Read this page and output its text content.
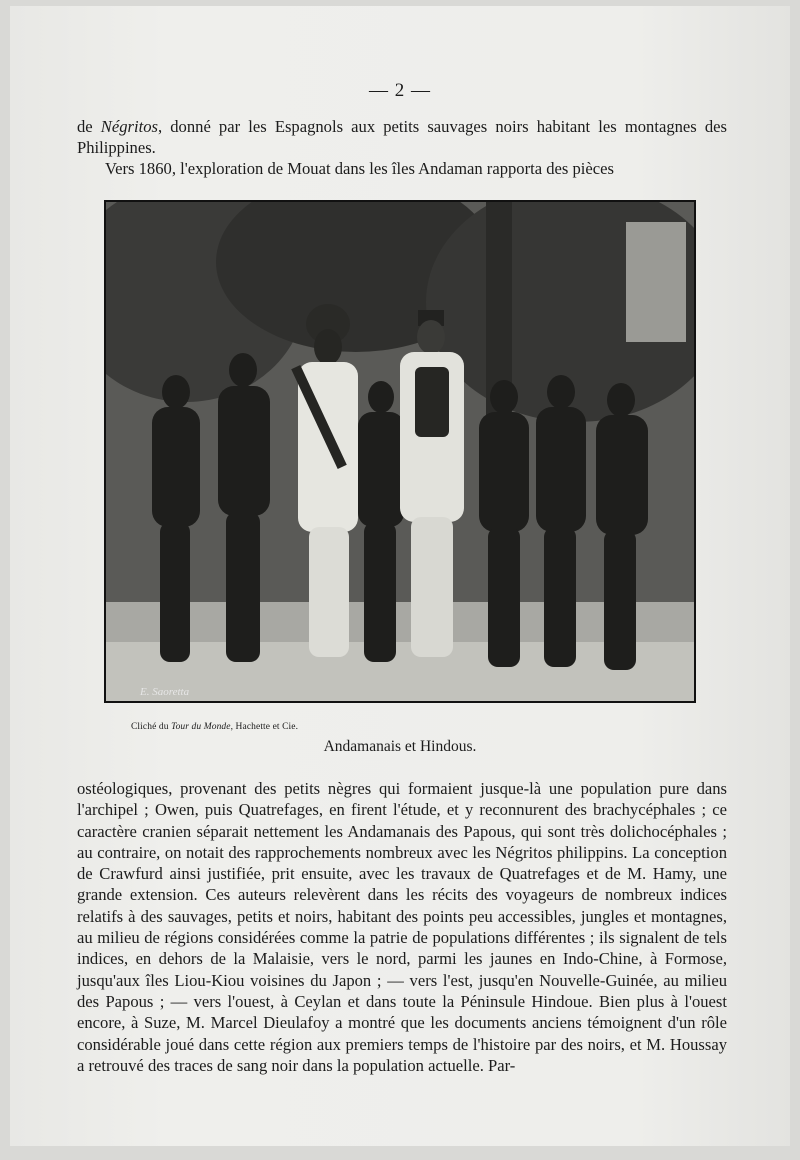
— 2 —

de Négritos, donné par les Espagnols aux petits sauvages noirs habitant les montagnes des Philippines.

Vers 1860, l'exploration de Mouat dans les îles Andaman rapporta des pièces

E. Saoretta
Cliché du Tour du Monde, Hachette et Cie.
Andamanais et Hindous.

ostéologiques, provenant des petits nègres qui formaient jusque-là une population pure dans l'archipel ; Owen, puis Quatrefages, en firent l'étude, et y reconnurent des brachycéphales ; ce caractère cranien séparait nettement les Andamanais des Papous, qui sont très dolichocéphales ; au contraire, on notait des rapprochements nombreux avec les Négritos philippins. La conception de Crawfurd ainsi justifiée, prit ensuite, avec les travaux de Quatrefages et de M. Hamy, une grande extension. Ces auteurs relevèrent dans les récits des voyageurs de nombreux indices relatifs à des sauvages, petits et noirs, habitant des points peu accessibles, jungles et montagnes, au milieu de régions considérées comme la patrie de populations différentes ; ils signalent de tels indices, en dehors de la Malaisie, vers le nord, parmi les jaunes en Indo-Chine, à Formose, jusqu'aux îles Liou-Kiou voisines du Japon ; — vers l'est, jusqu'en Nouvelle-Guinée, au milieu des Papous ; — vers l'ouest, à Ceylan et dans toute la Péninsule Hindoue. Bien plus à l'ouest encore, à Suze, M. Marcel Dieulafoy a montré que les documents anciens témoignent d'un rôle considérable joué dans cette région aux premiers temps de l'histoire par des noirs, et M. Houssay a retrouvé des traces de sang noir dans la population actuelle. Par-
